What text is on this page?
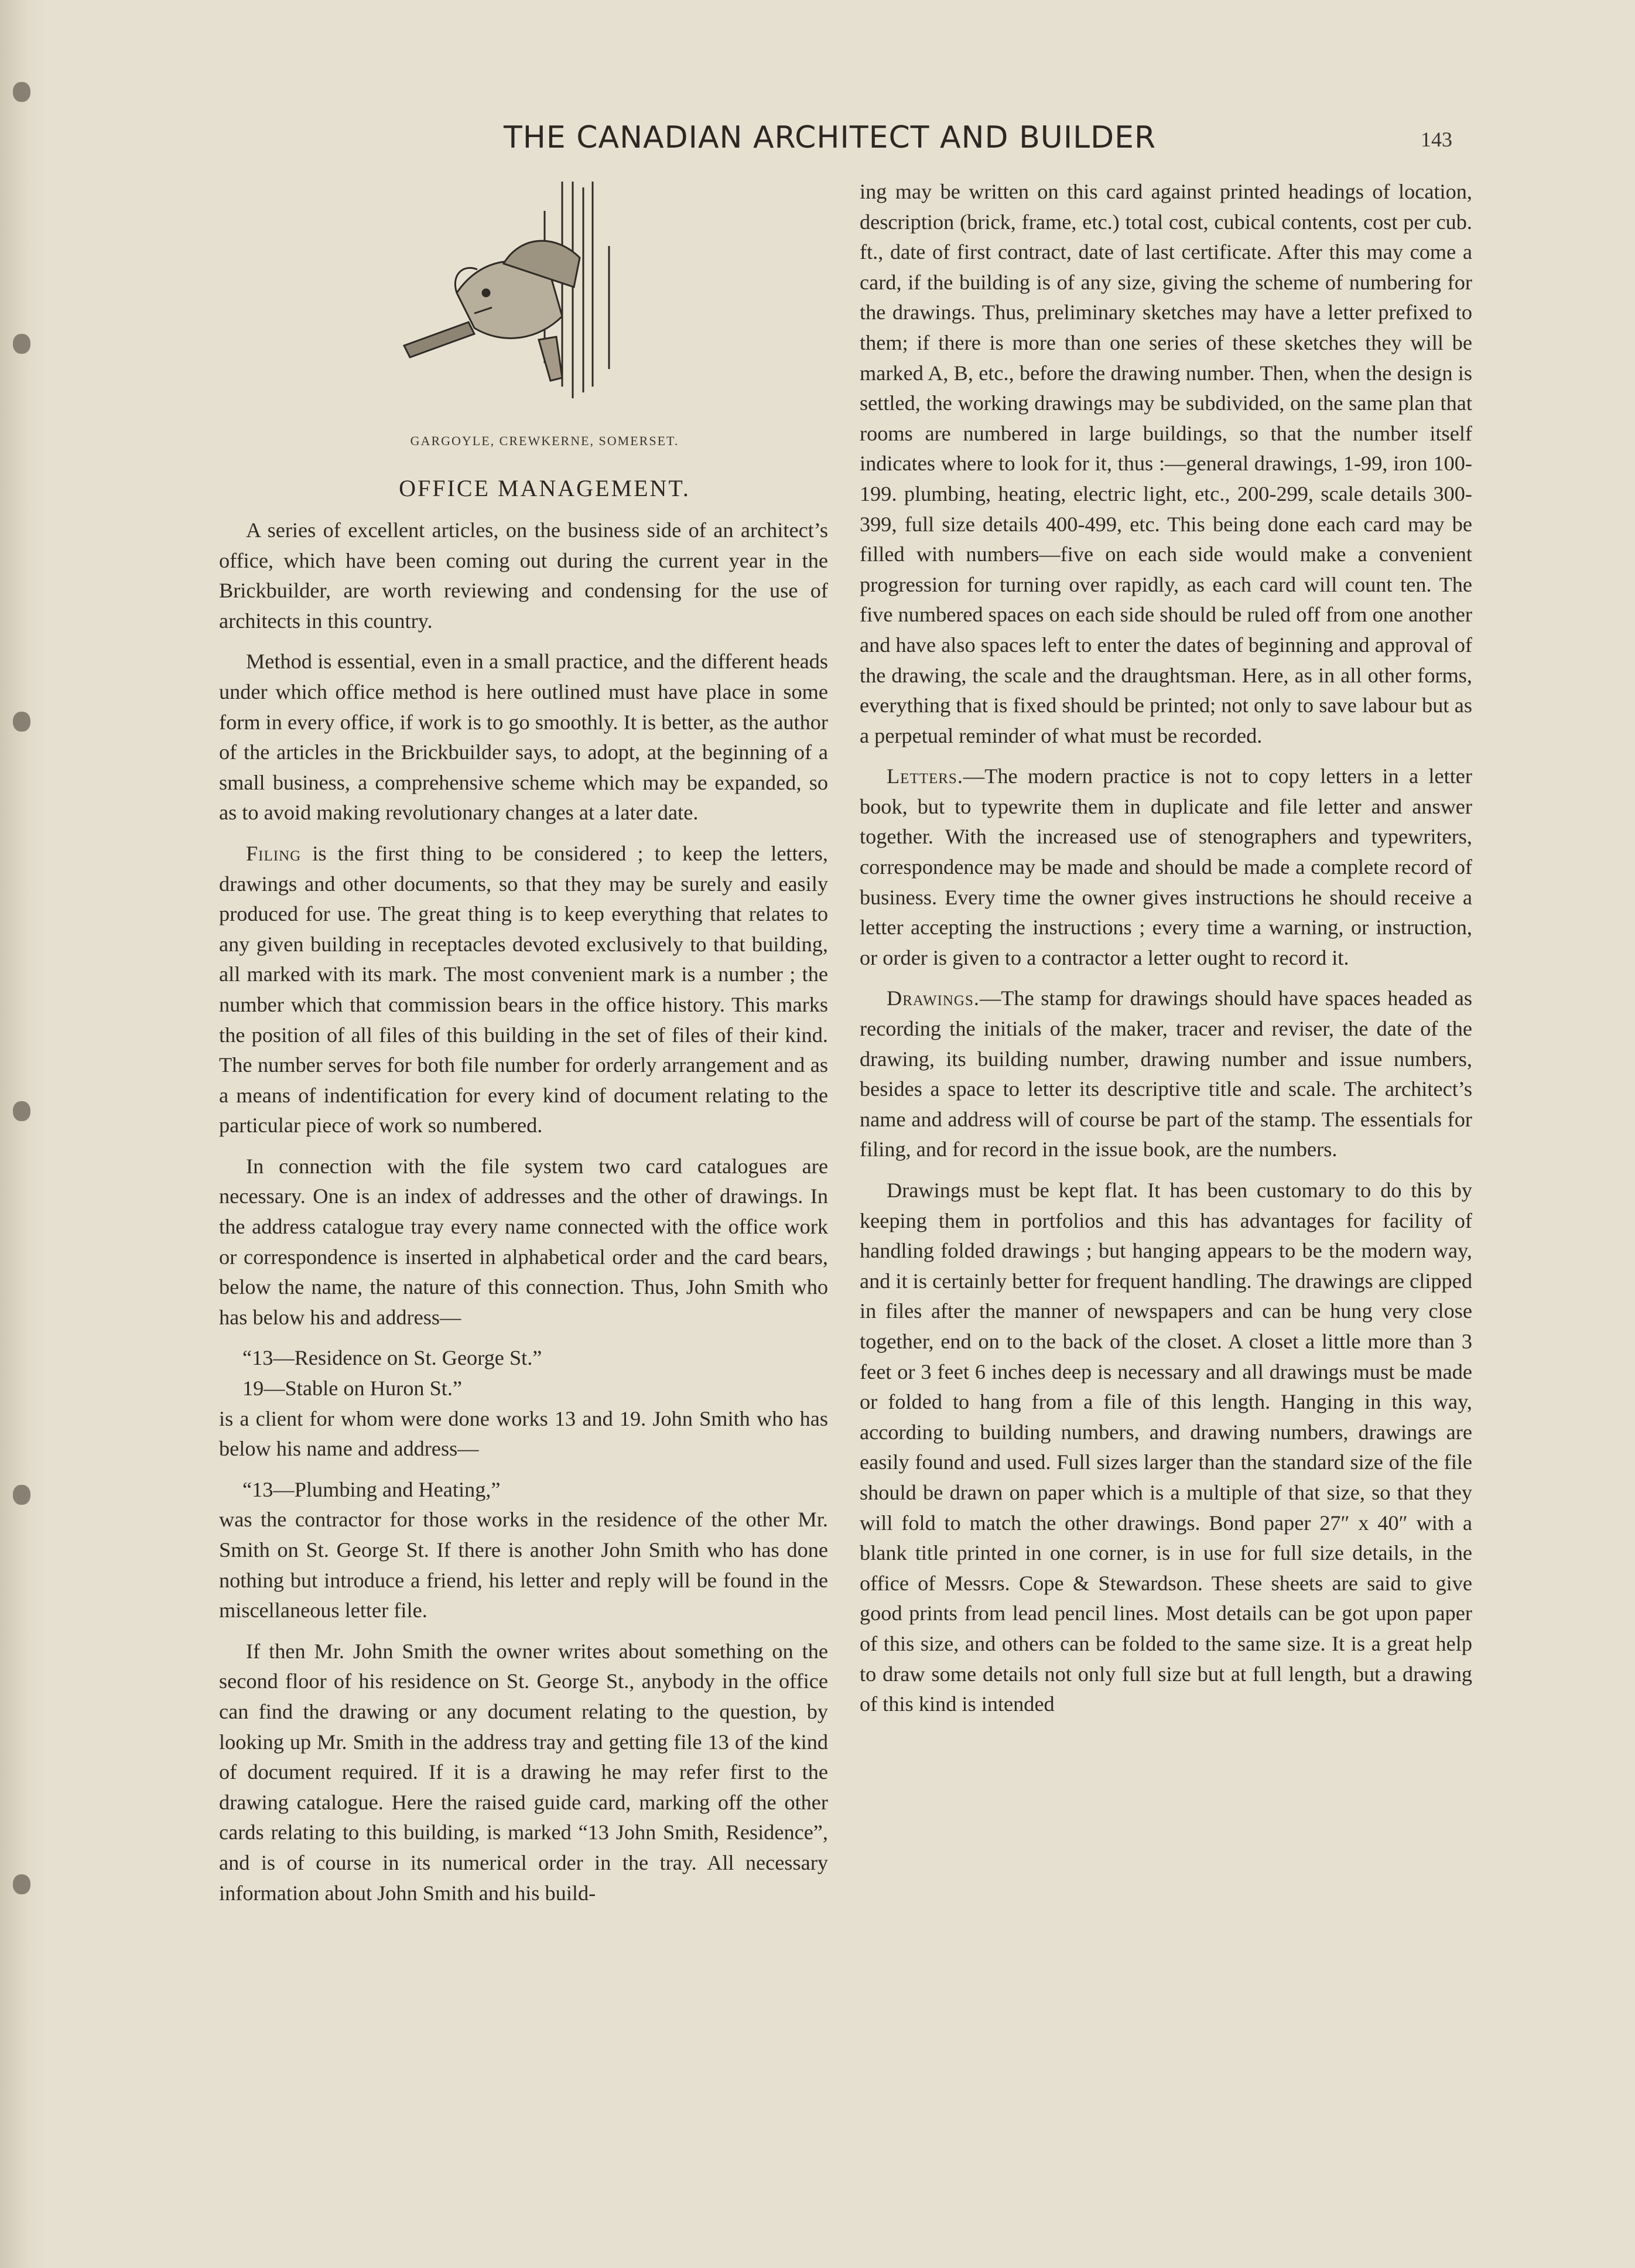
THE CANADIAN ARCHITECT AND BUILDER	143
GARGOYLE, CREWKERNE, SOMERSET.
OFFICE MANAGEMENT.

A series of excellent articles, on the business side of an architect’s office, which have been coming out during the current year in the Brickbuilder, are worth reviewing and condensing for the use of architects in this country.

Method is essential, even in a small practice, and the different heads under which office method is here outlined must have place in some form in every office, if work is to go smoothly. It is better, as the author of the articles in the Brickbuilder says, to adopt, at the beginning of a small business, a comprehensive scheme which may be expanded, so as to avoid making revolutionary changes at a later date.

Filing is the first thing to be considered ; to keep the letters, drawings and other documents, so that they may be surely and easily produced for use. The great thing is to keep everything that relates to any given building in receptacles devoted exclusively to that building, all marked with its mark. The most convenient mark is a number ; the number which that commission bears in the office history. This marks the position of all files of this building in the set of files of their kind. The number serves for both file number for orderly arrangement and as a means of indentification for every kind of document relating to the particular piece of work so numbered.

In connection with the file system two card catalogues are necessary. One is an index of addresses and the other of drawings. In the address catalogue tray every name connected with the office work or correspondence is inserted in alphabetical order and the card bears, below the name, the nature of this connection. Thus, John Smith who has below his and address—

“13—Residence on St. George St.”

19—Stable on Huron St.”

is a client for whom were done works 13 and 19. John Smith who has below his name and address—

“13—Plumbing and Heating,”

was the contractor for those works in the residence of the other Mr. Smith on St. George St. If there is another John Smith who has done nothing but introduce a friend, his letter and reply will be found in the miscellaneous letter file.

If then Mr. John Smith the owner writes about something on the second floor of his residence on St. George St., anybody in the office can find the drawing or any document relating to the question, by looking up Mr. Smith in the address tray and getting file 13 of the kind of document required. If it is a drawing he may refer first to the drawing catalogue. Here the raised guide card, marking off the other cards relating to this building, is marked “13 John Smith, Residence”, and is of course in its numerical order in the tray. All necessary information about John Smith and his build-

ing may be written on this card against printed headings of location, description (brick, frame, etc.) total cost, cubical contents, cost per cub. ft., date of first contract, date of last certificate. After this may come a card, if the building is of any size, giving the scheme of numbering for the drawings. Thus, preliminary sketches may have a letter prefixed to them; if there is more than one series of these sketches they will be marked A, B, etc., before the drawing number. Then, when the design is settled, the working drawings may be subdivided, on the same plan that rooms are numbered in large buildings, so that the number itself indicates where to look for it, thus :—general drawings, 1-99, iron 100-199. plumbing, heating, electric light, etc., 200-299, scale details 300-399, full size details 400-499, etc. This being done each card may be filled with numbers—five on each side would make a convenient progression for turning over rapidly, as each card will count ten. The five numbered spaces on each side should be ruled off from one another and have also spaces left to enter the dates of beginning and approval of the drawing, the scale and the draughtsman. Here, as in all other forms, everything that is fixed should be printed; not only to save labour but as a perpetual reminder of what must be recorded.

Letters.—The modern practice is not to copy letters in a letter book, but to typewrite them in duplicate and file letter and answer together. With the increased use of stenographers and typewriters, correspondence may be made and should be made a complete record of business. Every time the owner gives instructions he should receive a letter accepting the instructions ; every time a warning, or instruction, or order is given to a contractor a letter ought to record it.

Drawings.—The stamp for drawings should have spaces headed as recording the initials of the maker, tracer and reviser, the date of the drawing, its building number, drawing number and issue numbers, besides a space to letter its descriptive title and scale. The architect’s name and address will of course be part of the stamp. The essentials for filing, and for record in the issue book, are the numbers.

Drawings must be kept flat. It has been customary to do this by keeping them in portfolios and this has advantages for facility of handling folded drawings ; but hanging appears to be the modern way, and it is certainly better for frequent handling. The drawings are clipped in files after the manner of newspapers and can be hung very close together, end on to the back of the closet. A closet a little more than 3 feet or 3 feet 6 inches deep is necessary and all drawings must be made or folded to hang from a file of this length. Hanging in this way, according to building numbers, and drawing numbers, drawings are easily found and used. Full sizes larger than the standard size of the file should be drawn on paper which is a multiple of that size, so that they will fold to match the other drawings. Bond paper 27″ x 40″ with a blank title printed in one corner, is in use for full size details, in the office of Messrs. Cope & Stewardson. These sheets are said to give good prints from lead pencil lines. Most details can be got upon paper of this size, and others can be folded to the same size. It is a great help to draw some details not only full size but at full length, but a drawing of this kind is intended
